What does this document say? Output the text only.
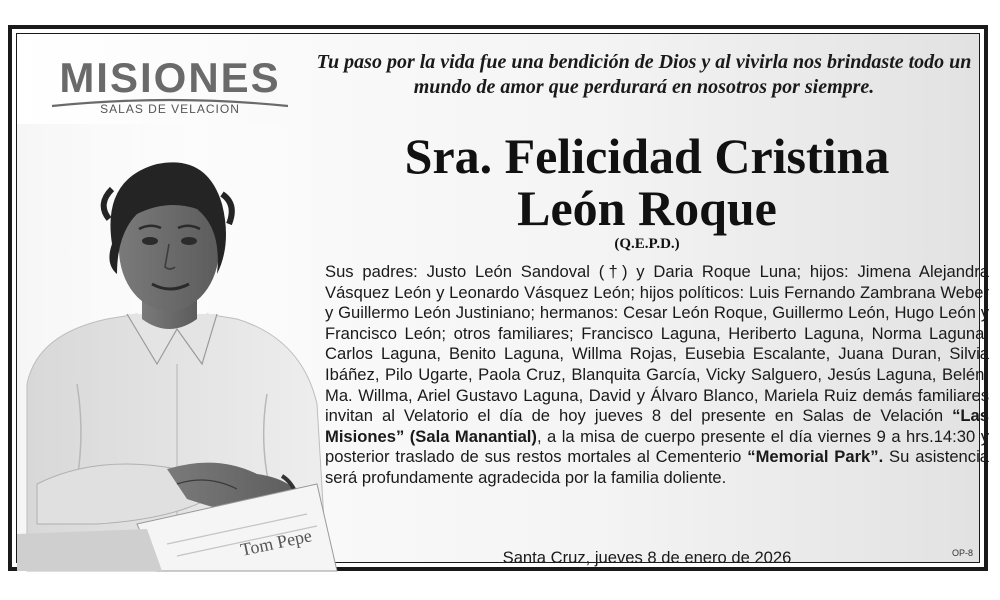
MISIONES
SALAS DE VELACION
Tom Pepe
Tu paso por la vida fue una bendición de Dios y al vivirla nos brindaste todo un mundo de amor que perdurará en nosotros por siempre.
Sra. Felicidad Cristina
León Roque
(Q.E.P.D.)
Sus padres: Justo León Sandoval (†) y Daria Roque Luna; hijos: Jimena Alejandra Vásquez León y Leonardo Vásquez León; hijos políticos: Luis Fernando Zambrana Weber y Guillermo León Justiniano; hermanos: Cesar León Roque, Guillermo León, Hugo León y Francisco León; otros familiares; Francisco Laguna, Heriberto Laguna, Norma Laguna, Carlos Laguna, Benito Laguna, Willma Rojas, Eusebia Escalante, Juana Duran, Silvia Ibáñez, Pilo Ugarte, Paola Cruz, Blanquita García, Vicky Salguero, Jesús Laguna, Belén, Ma. Willma, Ariel Gustavo Laguna, David y Álvaro Blanco, Mariela Ruiz demás familiares invitan al Velatorio el día de hoy jueves 8 del presente en Salas de Velación “Las Misiones” (Sala Manantial), a la misa de cuerpo presente el día viernes 9 a hrs.14:30 y posterior traslado de sus restos mortales al Cementerio “Memorial Park”. Su asistencia será profundamente agradecida por la familia doliente.
Santa Cruz, jueves 8 de enero de 2026	OP-8
